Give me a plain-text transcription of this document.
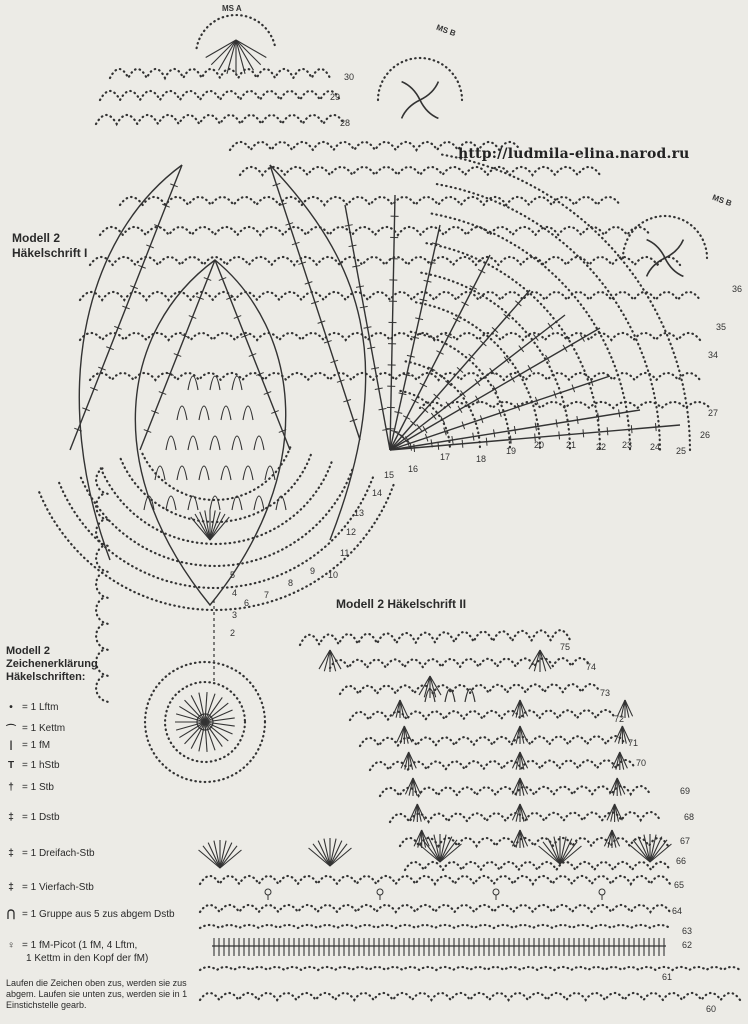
http://ludmila-elina.narod.ru
Modell 2
Häkelschrift I
Modell 2 Häkelschrift II
MS A
MS B
MS B
Modell 2
Zeichenerklärung
Häkelschriften:
• = 1 Lftm
⌒ = 1 Kettm
| = 1 fM
T = 1 hStb
† = 1 Stb
‡ = 1 Dstb
‡ = 1 Dreifach-Stb
‡ = 1 Vierfach-Stb
⋂ = 1 Gruppe aus 5 zus abgem Dstb
♀ = 1 fM-Picot (1 fM, 4 Lftm,
1 Kettm in den Kopf der fM)
Laufen die Zeichen oben zus, werden sie zus abgem. Laufen sie unten zus, werden sie in 1 Einstichstelle gearb.
2
3
4
5
6
7
8
9 10
11
12
13
14
15
16
17	18
19
20 21 22 23 24 25
26
27
28
29
30
34
35
36
60
61
62
63
64
65
66
67
68
69
70
71
72
73
74
75
